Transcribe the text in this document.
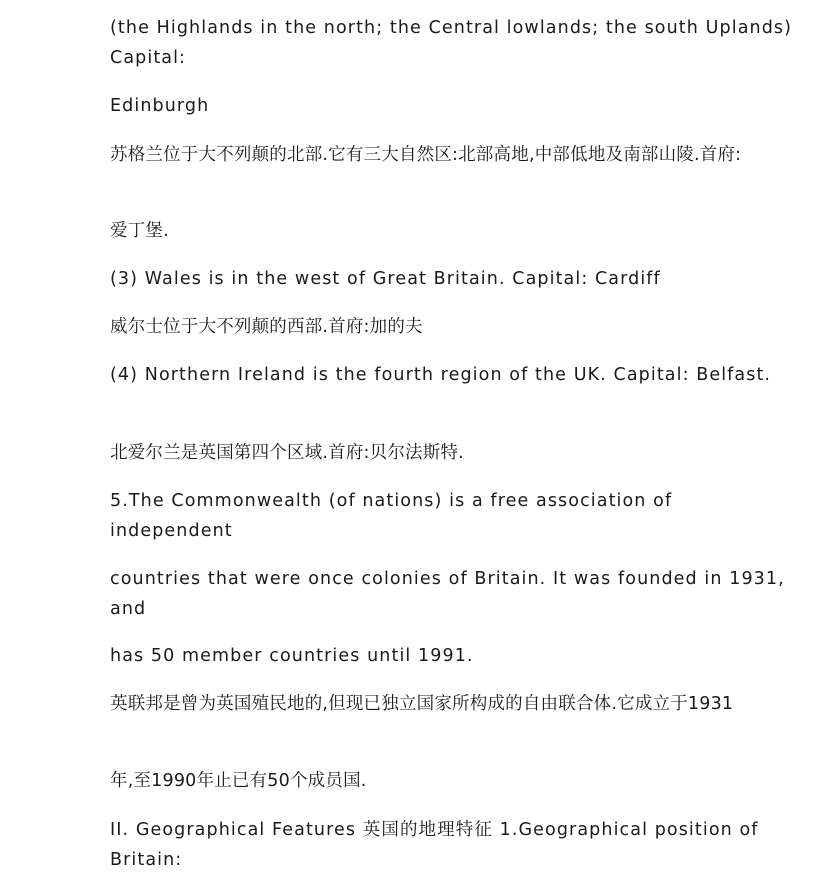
(the Highlands in the north; the Central lowlands; the south Uplands) Capital:

Edinburgh

苏格兰位于大不列颠的北部.它有三大自然区:北部高地,中部低地及南部山陵.首府:

爱丁堡.

(3) Wales is in the west of Great Britain. Capital: Cardiff

威尔士位于大不列颠的西部.首府:加的夫

(4) Northern Ireland is the fourth region of the UK. Capital: Belfast.

北爱尔兰是英国第四个区域.首府:贝尔法斯特.

5.The Commonwealth (of nations) is a free association of independent

countries that were once colonies of Britain. It was founded in 1931, and

has 50 member countries until 1991.

英联邦是曾为英国殖民地的,但现已独立国家所构成的自由联合体.它成立于1931

年,至1990年止已有50个成员国.

II. Geographical Features 英国的地理特征 1.Geographical position of Britain:
